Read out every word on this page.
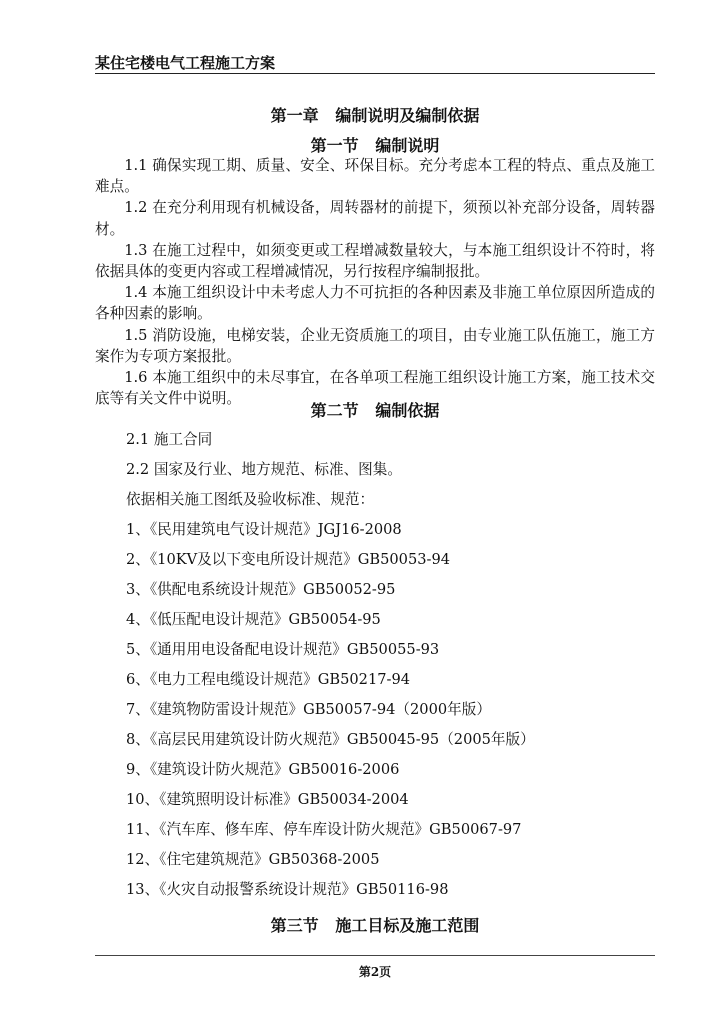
某住宅楼电气工程施工方案
第一章   编制说明及编制依据
第一节   编制说明

1.1 确保实现工期、质量、安全、环保目标。充分考虑本工程的特点、重点及施工难点。

1.2 在充分利用现有机械设备，周转器材的前提下，须预以补充部分设备，周转器材。

1.3 在施工过程中，如须变更或工程增减数量较大，与本施工组织设计不符时，将依据具体的变更内容或工程增减情况，另行按程序编制报批。

1.4 本施工组织设计中未考虑人力不可抗拒的各种因素及非施工单位原因所造成的各种因素的影响。

1.5 消防设施，电梯安装，企业无资质施工的项目，由专业施工队伍施工，施工方案作为专项方案报批。

1.6 本施工组织中的未尽事宜，在各单项工程施工组织设计施工方案，施工技术交底等有关文件中说明。

第二节   编制依据
2.1 施工合同
2.2 国家及行业、地方规范、标准、图集。
依据相关施工图纸及验收标准、规范：
1、《民用建筑电气设计规范》JGJ16-2008
2、《10KV及以下变电所设计规范》GB50053-94
3、《供配电系统设计规范》GB50052-95
4、《低压配电设计规范》GB50054-95
5、《通用用电设备配电设计规范》GB50055-93
6、《电力工程电缆设计规范》GB50217-94
7、《建筑物防雷设计规范》GB50057-94（2000年版）
8、《高层民用建筑设计防火规范》GB50045-95（2005年版）
9、《建筑设计防火规范》GB50016-2006
10、《建筑照明设计标准》GB50034-2004
11、《汽车库、修车库、停车库设计防火规范》GB50067-97
12、《住宅建筑规范》GB50368-2005
13、《火灾自动报警系统设计规范》GB50116-98
第三节   施工目标及施工范围
第2页
